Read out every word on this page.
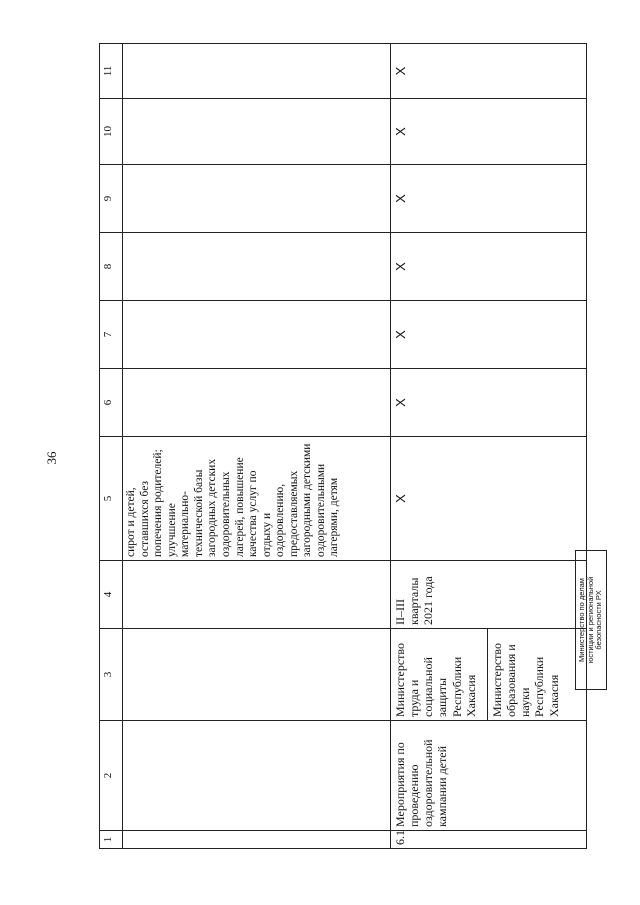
36
1	2	3	4	5	6	7	8	9	10	11
				сирот и детей, оставшихся без попечения родителей; улучшение материально-технической базы загородных детских оздоровительных лагерей, повышение качества услуг по отдыху и оздоровлению, предоставляемых загородными детскими оздоровительными лагерями, детям						
6.1	Мероприятия по проведению оздоровительной кампании детей	Министерство труда и социальной защиты Республики Хакасия Министерство образования и науки Республики Хакасия	II–III кварталы 2021 года	X	X	X	X	X	X	X
Министерство по делам юстиции и региональной безопасности РХ
